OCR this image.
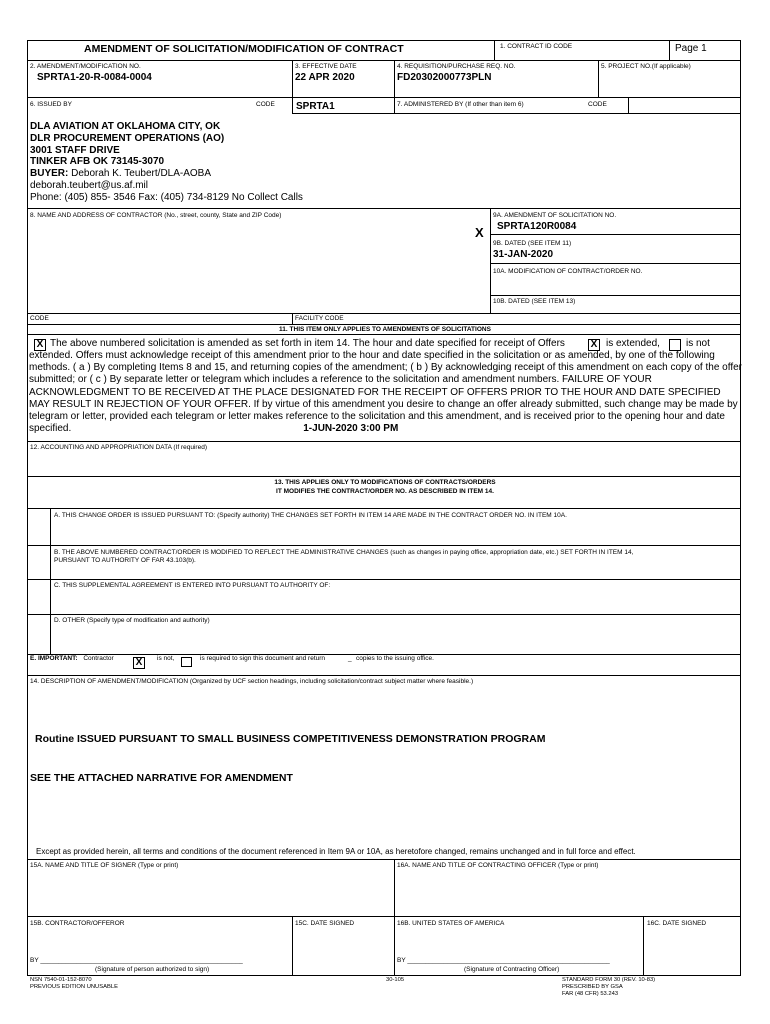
AMENDMENT OF SOLICITATION/MODIFICATION OF CONTRACT	1. CONTRACT ID CODE	Page 1
2. AMENDMENT/MODIFICATION NO.
SPRTA1-20-R-0084-0004
3. EFFECTIVE DATE
22 APR 2020
4. REQUISITION/PURCHASE REQ. NO.
FD20302000773PLN
5. PROJECT NO.(If applicable)
6. ISSUED BY	CODE SPRTA1	7. ADMINISTERED BY (If other than item 6)	CODE
DLA AVIATION AT OKLAHOMA CITY, OK
DLR PROCUREMENT OPERATIONS (AO)
3001 STAFF DRIVE
TINKER AFB OK 73145-3070
BUYER: Deborah K. Teubert/DLA-AOBA
deborah.teubert@us.af.mil
Phone: (405) 855- 3546 Fax: (405) 734-8129 No Collect Calls
8. NAME AND ADDRESS OF CONTRACTOR (No., street, county, State and ZIP Code)
X
9A. AMENDMENT OF SOLICITATION NO.
SPRTA120R0084
9B. DATED (SEE ITEM 11)
31-JAN-2020
10A. MODIFICATION OF CONTRACT/ORDER NO.
10B. DATED (SEE ITEM 13)
CODE	FACILITY CODE
11. THIS ITEM ONLY APPLIES TO AMENDMENTS OF SOLICITATIONS
X The above numbered solicitation is amended as set forth in item 14. The hour and date specified for receipt of Offers	X is extended,	is not
extended. Offers must acknowledge receipt of this amendment prior to the hour and date specified in the solicitation or as amended, by one of the following
methods. ( a ) By completing Items 8 and 15, and returning copies of the amendment; ( b ) By acknowledging receipt of this amendment on each copy of the offer
submitted; or ( c ) By separate letter or telegram which includes a reference to the solicitation and amendment numbers. FAILURE OF YOUR
ACKNOWLEDGMENT TO BE RECEIVED AT THE PLACE DESIGNATED FOR THE RECEIPT OF OFFERS PRIOR TO THE HOUR AND DATE SPECIFIED
MAY RESULT IN REJECTION OF YOUR OFFER. If by virtue of this amendment you desire to change an offer already submitted, such change may be made by
telegram or letter, provided each telegram or letter makes reference to the solicitation and this amendment, and is received prior to the opening hour and date
specified.	1-JUN-2020 3:00 PM
12. ACCOUNTING AND APPROPRIATION DATA (If required)
13. THIS APPLIES ONLY TO MODIFICATIONS OF CONTRACTS/ORDERS
IT MODIFIES THE CONTRACT/ORDER NO. AS DESCRIBED IN ITEM 14.
A. THIS CHANGE ORDER IS ISSUED PURSUANT TO: (Specify authority) THE CHANGES SET FORTH IN ITEM 14 ARE MADE IN THE CONTRACT ORDER NO. IN ITEM 10A.
B. THE ABOVE NUMBERED CONTRACT/ORDER IS MODIFIED TO REFLECT THE ADMINISTRATIVE CHANGES (such as changes in paying office, appropriation date, etc.) SET FORTH IN ITEM 14,
PURSUANT TO AUTHORITY OF FAR 43.103(b).
C. THIS SUPPLEMENTAL AGREEMENT IS ENTERED INTO PURSUANT TO AUTHORITY OF:
D. OTHER (Specify type of modification and authority)
E. IMPORTANT: Contractor X	is not,	is required to sign this document and return	_ copies to the issuing office.
14. DESCRIPTION OF AMENDMENT/MODIFICATION (Organized by UCF section headings, including solicitation/contract subject matter where feasible.)
Routine ISSUED PURSUANT TO SMALL BUSINESS COMPETITIVENESS DEMONSTRATION PROGRAM
SEE THE ATTACHED NARRATIVE FOR AMENDMENT
Except as provided herein, all terms and conditions of the document referenced in Item 9A or 10A, as heretofore changed, remains unchanged and in full force and effect.
15A. NAME AND TITLE OF SIGNER (Type or print)	16A. NAME AND TITLE OF CONTRACTING OFFICER (Type or print)
15B. CONTRACTOR/OFFEROR	15C. DATE SIGNED	16B. UNITED STATES OF AMERICA	16C. DATE SIGNED
BY ________________________________________________________
(Signature of person authorized to sign)
BY ________________________________________________________
(Signature of Contracting Officer)
NSN 7540-01-152-8070
PREVIOUS EDITION UNUSABLE
30-105	STANDARD FORM 30 (REV. 10-83)
PRESCRIBED BY GSA
FAR (48 CFR) 53.243
